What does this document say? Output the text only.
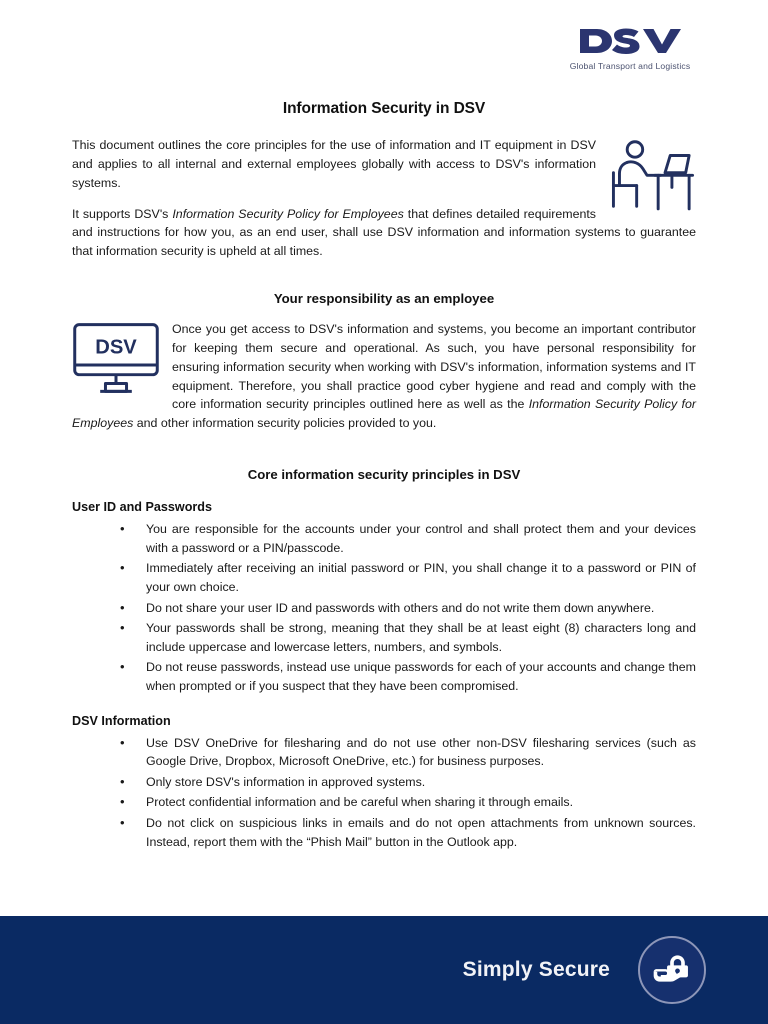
Global Transport and Logistics
Information Security in DSV

This document outlines the core principles for the use of information and IT equipment in DSV and applies to all internal and external employees globally with access to DSV's information systems.

It supports DSV's Information Security Policy for Employees that defines detailed requirements and instructions for how you, as an end user, shall use DSV information and information systems to guarantee that information security is upheld at all times.

Your responsibility as an employee
DSV

Once you get access to DSV's information and systems, you become an important contributor for keeping them secure and operational. As such, you have personal responsibility for ensuring information security when working with DSV's information, information systems and IT equipment. Therefore, you shall practice good cyber hygiene and read and comply with the core information security principles outlined here as well as the Information Security Policy for Employees and other information security policies provided to you.

Core information security principles in DSV
User ID and Passwords
• You are responsible for the accounts under your control and shall protect them and your devices with a password or a PIN/passcode.
• Immediately after receiving an initial password or PIN, you shall change it to a password or PIN of your own choice.
• Do not share your user ID and passwords with others and do not write them down anywhere.
• Your passwords shall be strong, meaning that they shall be at least eight (8) characters long and include uppercase and lowercase letters, numbers, and symbols.
• Do not reuse passwords, instead use unique passwords for each of your accounts and change them when prompted or if you suspect that they have been compromised.
DSV Information
• Use DSV OneDrive for filesharing and do not use other non-DSV filesharing services (such as Google Drive, Dropbox, Microsoft OneDrive, etc.) for business purposes.
• Only store DSV's information in approved systems.
• Protect confidential information and be careful when sharing it through emails.
• Do not click on suspicious links in emails and do not open attachments from unknown sources. Instead, report them with the “Phish Mail” button in the Outlook app.
Simply Secure
